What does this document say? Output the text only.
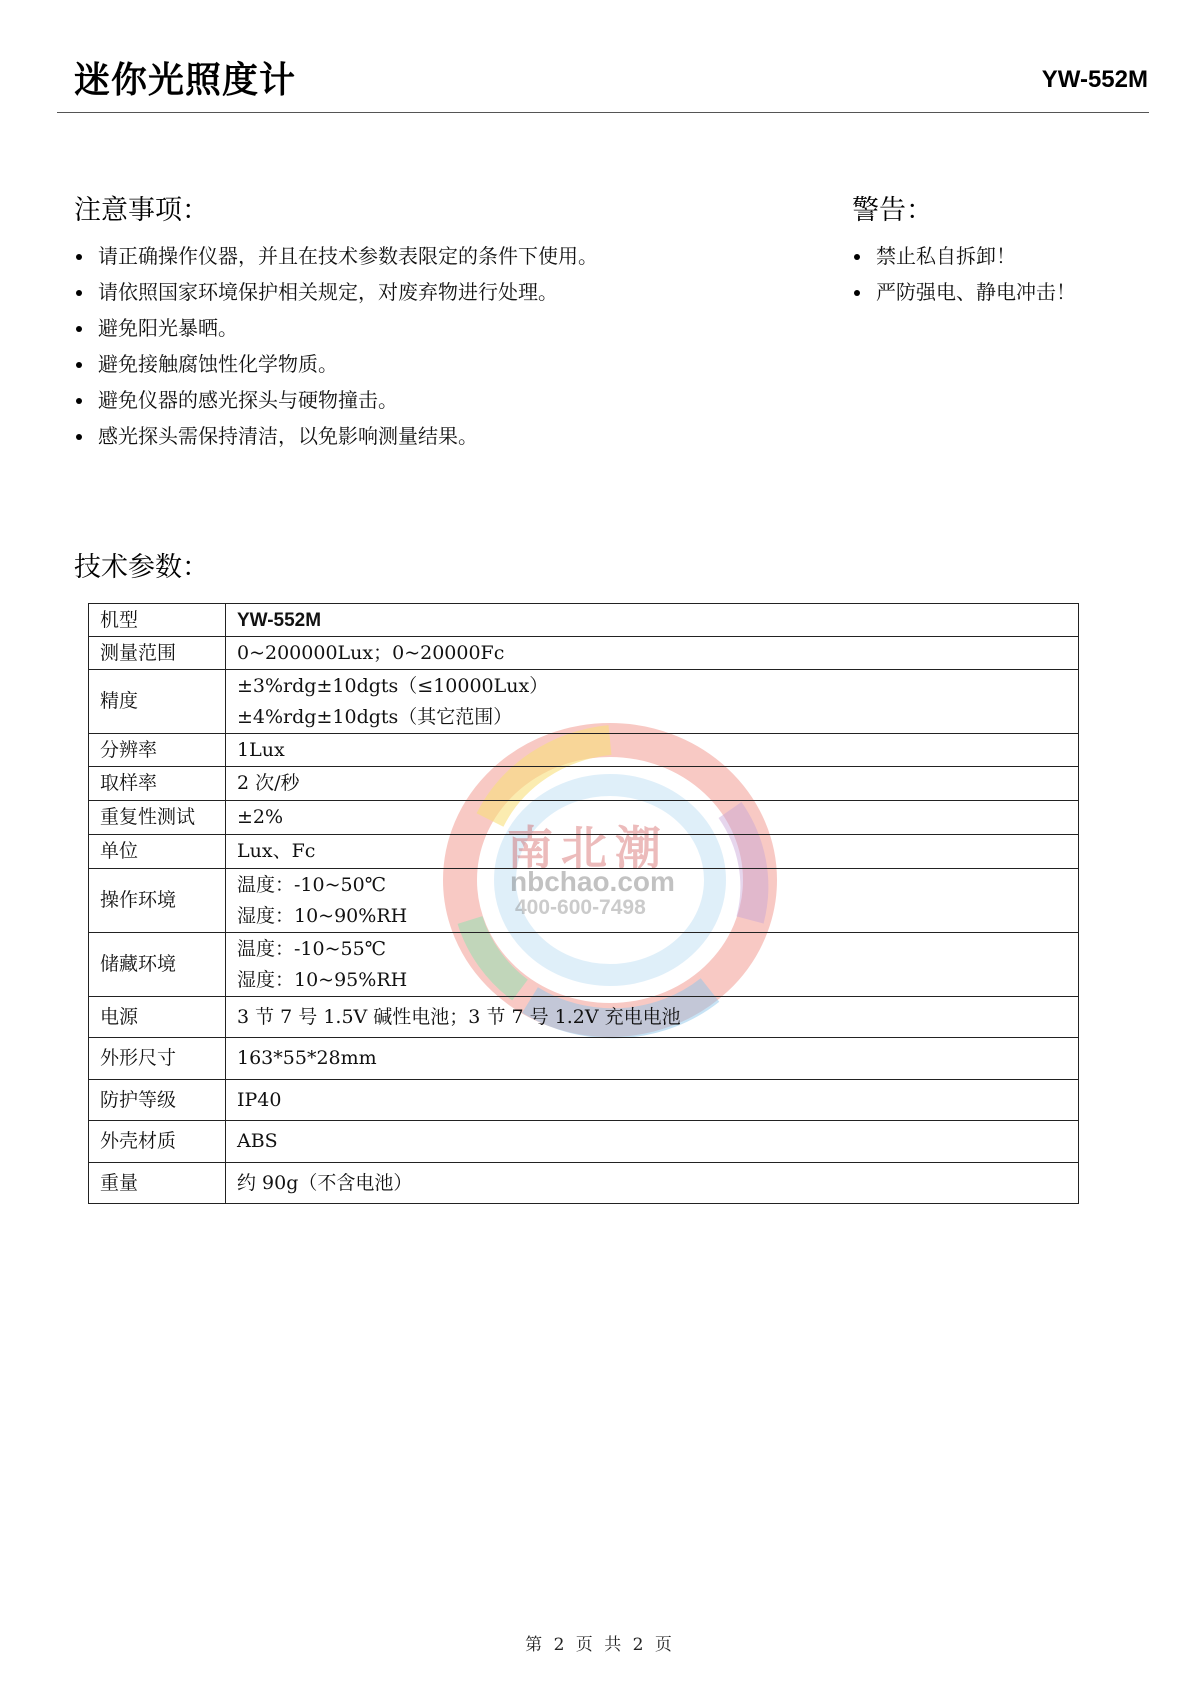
迷你光照度计	YW-552M
注意事项：
请正确操作仪器，并且在技术参数表限定的条件下使用。
请依照国家环境保护相关规定，对废弃物进行处理。
避免阳光暴晒。
避免接触腐蚀性化学物质。
避免仪器的感光探头与硬物撞击。
感光探头需保持清洁，以免影响测量结果。
警告：
禁止私自拆卸！
严防强电、静电冲击！
技术参数：
南北潮
nbchao.com
400-600-7498
机型	YW-552M

测量范围	0~200000Lux；0~20000Fc

精度	±3%rdg±10dgts（≤10000Lux）
±4%rdg±10dgts（其它范围）

分辨率	1Lux

取样率	2 次/秒

重复性测试	±2%

单位	Lux、Fc

操作环境	温度：-10~50℃
湿度：10~90%RH

储藏环境	温度：-10~55℃
湿度：10~95%RH

电源	3 节 7 号 1.5V 碱性电池；3 节 7 号 1.2V 充电电池

外形尺寸	163*55*28mm

防护等级	IP40

外壳材质	ABS

重量	约 90g（不含电池）
第 2 页 共 2 页
